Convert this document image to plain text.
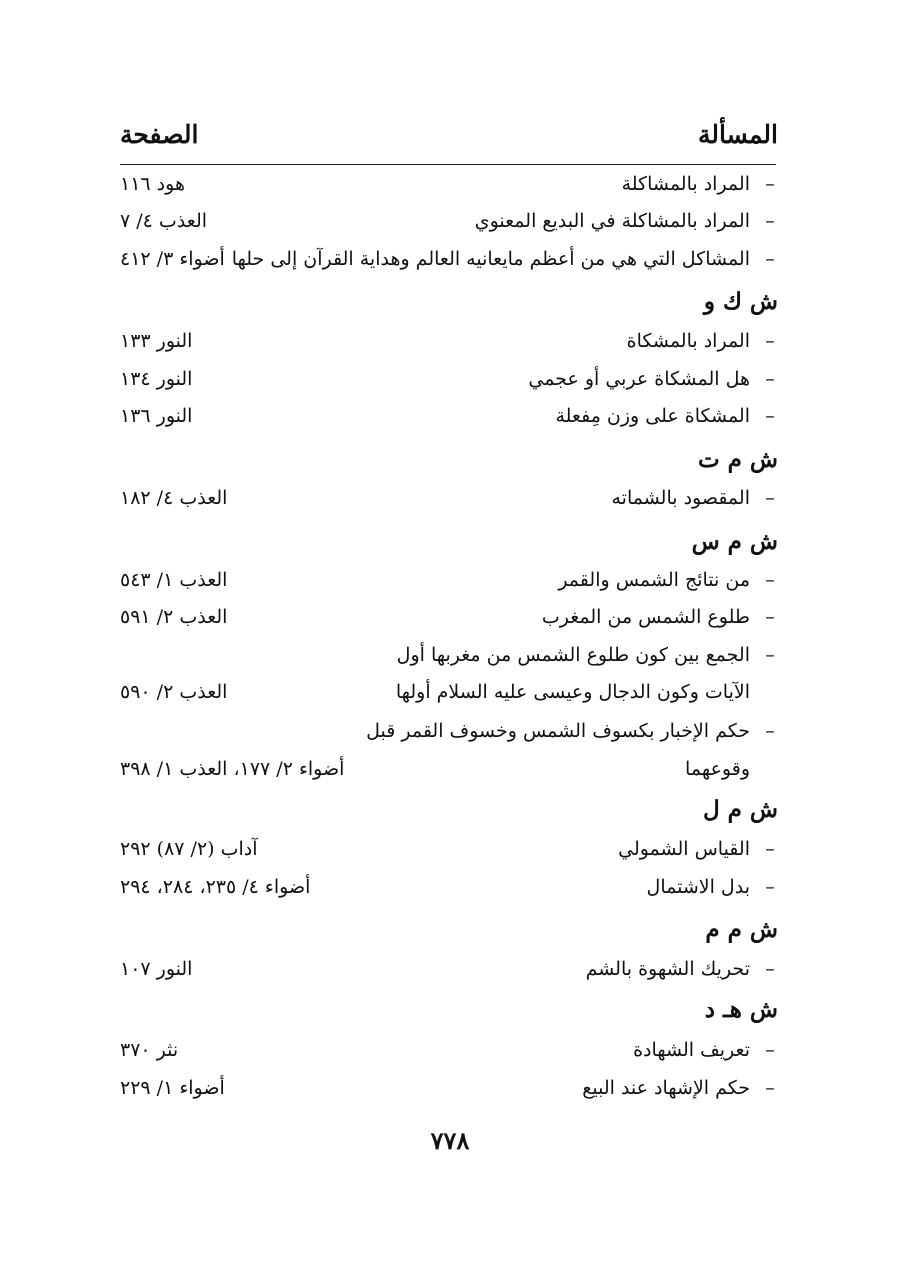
المسألة
الصفحة
–
المراد بالمشاكلة
هود ١١٦
–
المراد بالمشاكلة في البديع المعنوي
العذب ٤/ ٧
–
المشاكل التي هي من أعظم مايعانيه العالم وهداية القرآن إلى حلها
أضواء ٣/ ٤١٢
ش ك و
–
المراد بالمشكاة
النور ١٣٣
–
هل المشكاة عربي أو عجمي
النور ١٣٤
–
المشكاة على وزن مِفعلة
النور ١٣٦
ش م ت
–
المقصود بالشماته
العذب ٤/ ١٨٢
ش م س
–
من نتائج الشمس والقمر
العذب ١/ ٥٤٣
–
طلوع الشمس من المغرب
العذب ٢/ ٥٩١
–
الجمع بين كون طلوع الشمس من مغربها أول
الآيات وكون الدجال وعيسى عليه السلام أولها
العذب ٢/ ٥٩٠
–
حكم الإخبار بكسوف الشمس وخسوف القمر قبل
وقوعهما
أضواء ٢/ ١٧٧، العذب ١/ ٣٩٨
ش م ل
–
القياس الشمولي
آداب (٢/ ٨٧) ٢٩٢
–
بدل الاشتمال
أضواء ٤/ ٢٣٥، ٢٨٤، ٢٩٤
ش م م
–
تحريك الشهوة بالشم
النور ١٠٧
ش هـ د
–
تعريف الشهادة
نثر ٣٧٠
–
حكم الإشهاد عند البيع
أضواء ١/ ٢٢٩
٧٧٨
